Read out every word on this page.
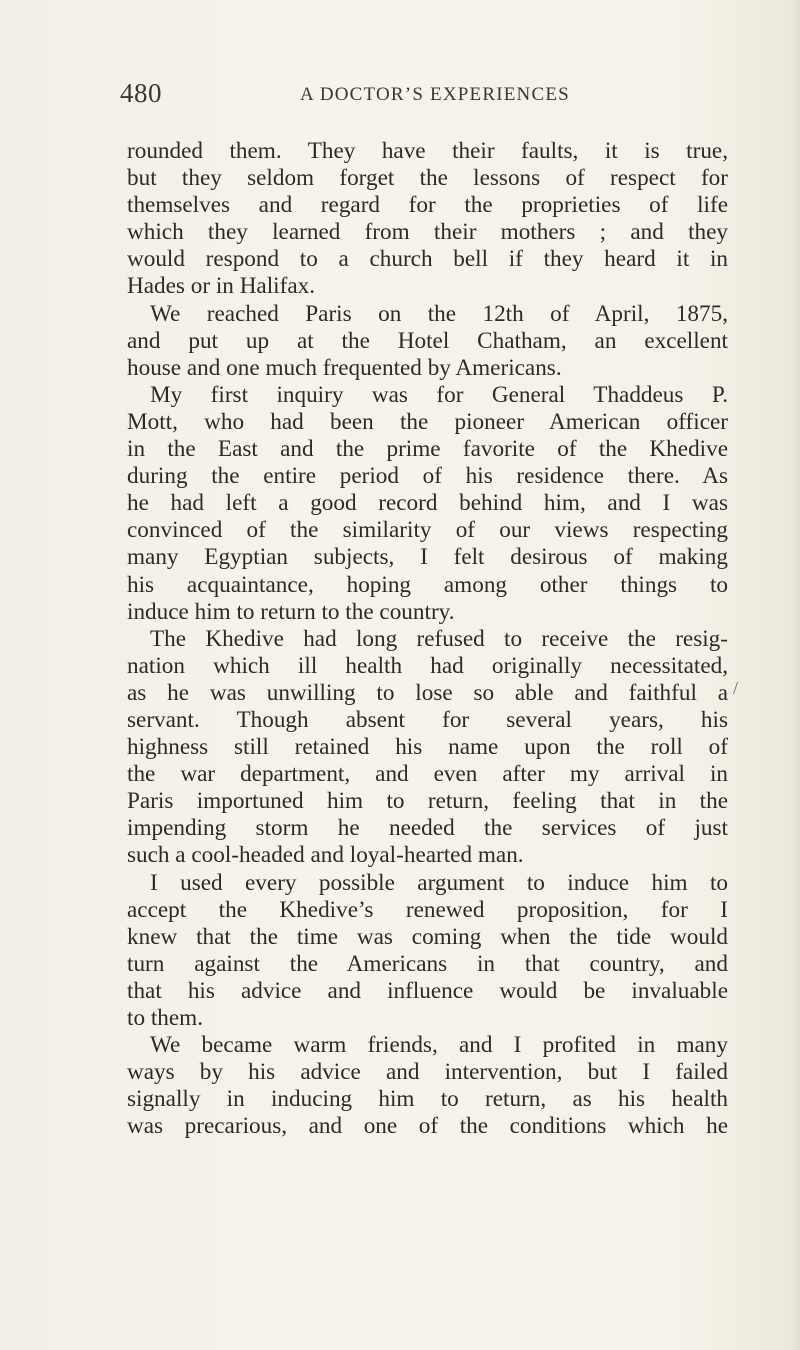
480	A DOCTOR’S EXPERIENCES
rounded them. They have their faults, it is true,
but they seldom forget the lessons of respect for
themselves and regard for the proprieties of life
which they learned from their mothers ; and they
would respond to a church bell if they heard it in
Hades or in Halifax.
We reached Paris on the 12th of April, 1875,
and put up at the Hotel Chatham, an excellent
house and one much frequented by Americans.
My first inquiry was for General Thaddeus P.
Mott, who had been the pioneer American officer
in the East and the prime favorite of the Khedive
during the entire period of his residence there. As
he had left a good record behind him, and I was
convinced of the similarity of our views respecting
many Egyptian subjects, I felt desirous of making
his acquaintance, hoping among other things to
induce him to return to the country.
The Khedive had long refused to receive the resig-
nation which ill health had originally necessitated,
as he was unwilling to lose so able and faithful a
servant. Though absent for several years, his
highness still retained his name upon the roll of
the war department, and even after my arrival in
Paris importuned him to return, feeling that in the
impending storm he needed the services of just
such a cool-headed and loyal-hearted man.
I used every possible argument to induce him to
accept the Khedive’s renewed proposition, for I
knew that the time was coming when the tide would
turn against the Americans in that country, and
that his advice and influence would be invaluable
to them.
We became warm friends, and I profited in many
ways by his advice and intervention, but I failed
signally in inducing him to return, as his health
was precarious, and one of the conditions which he
/
